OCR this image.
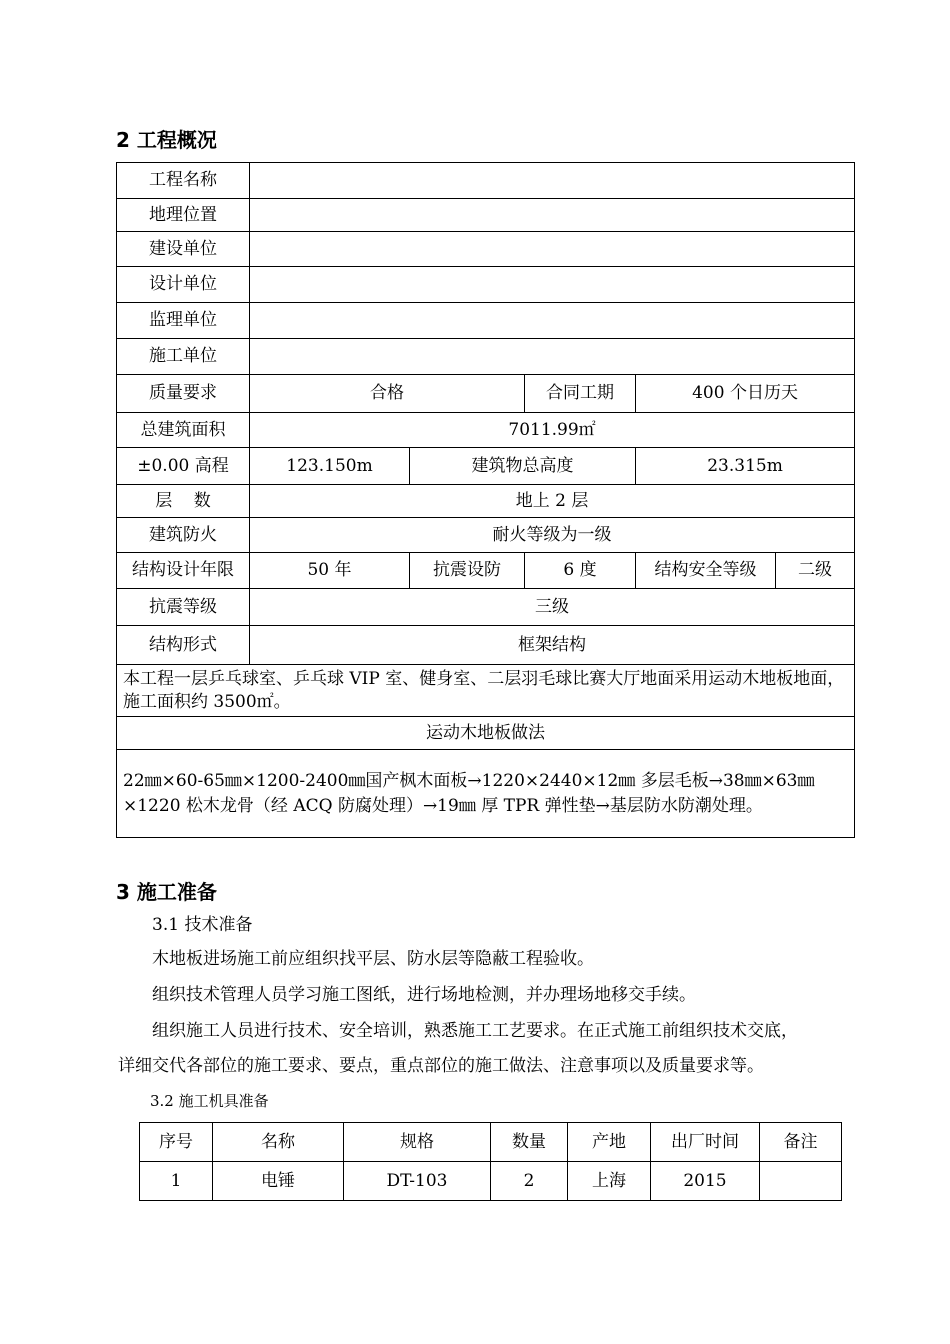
2 工程概况
工程名称					
地理位置					
建设单位					
设计单位					
监理单位					
施工单位					
质量要求	合格		合同工期	400 个日历天	
总建筑面积	7011.99㎡				
±0.00 高程	123.150m	建筑物总高度		23.315m	
层    数	地上 2 层				
建筑防火	耐火等级为一级				
结构设计年限	50 年	抗震设防	6 度	结构安全等级	二级
抗震等级	三级				
结构形式	框架结构				
本工程一层乒乓球室、乒乓球 VIP 室、健身室、二层羽毛球比赛大厅地面采用运动木地板地面，施工面积约 3500㎡。					
运动木地板做法					
22㎜×60-65㎜×1200-2400㎜国产枫木面板→1220×2440×12㎜ 多层毛板→38㎜×63㎜×1220 松木龙骨（经 ACQ 防腐处理）→19㎜ 厚 TPR 弹性垫→基层防水防潮处理。					
3 施工准备
3.1 技术准备
木地板进场施工前应组织找平层、防水层等隐蔽工程验收。
组织技术管理人员学习施工图纸，进行场地检测，并办理场地移交手续。
组织施工人员进行技术、安全培训，熟悉施工工艺要求。在正式施工前组织技术交底，
详细交代各部位的施工要求、要点，重点部位的施工做法、注意事项以及质量要求等。
3.2 施工机具准备
序号	名称	规格	数量	产地	出厂时间	备注
1	电锤	DT-103	2	上海	2015	
